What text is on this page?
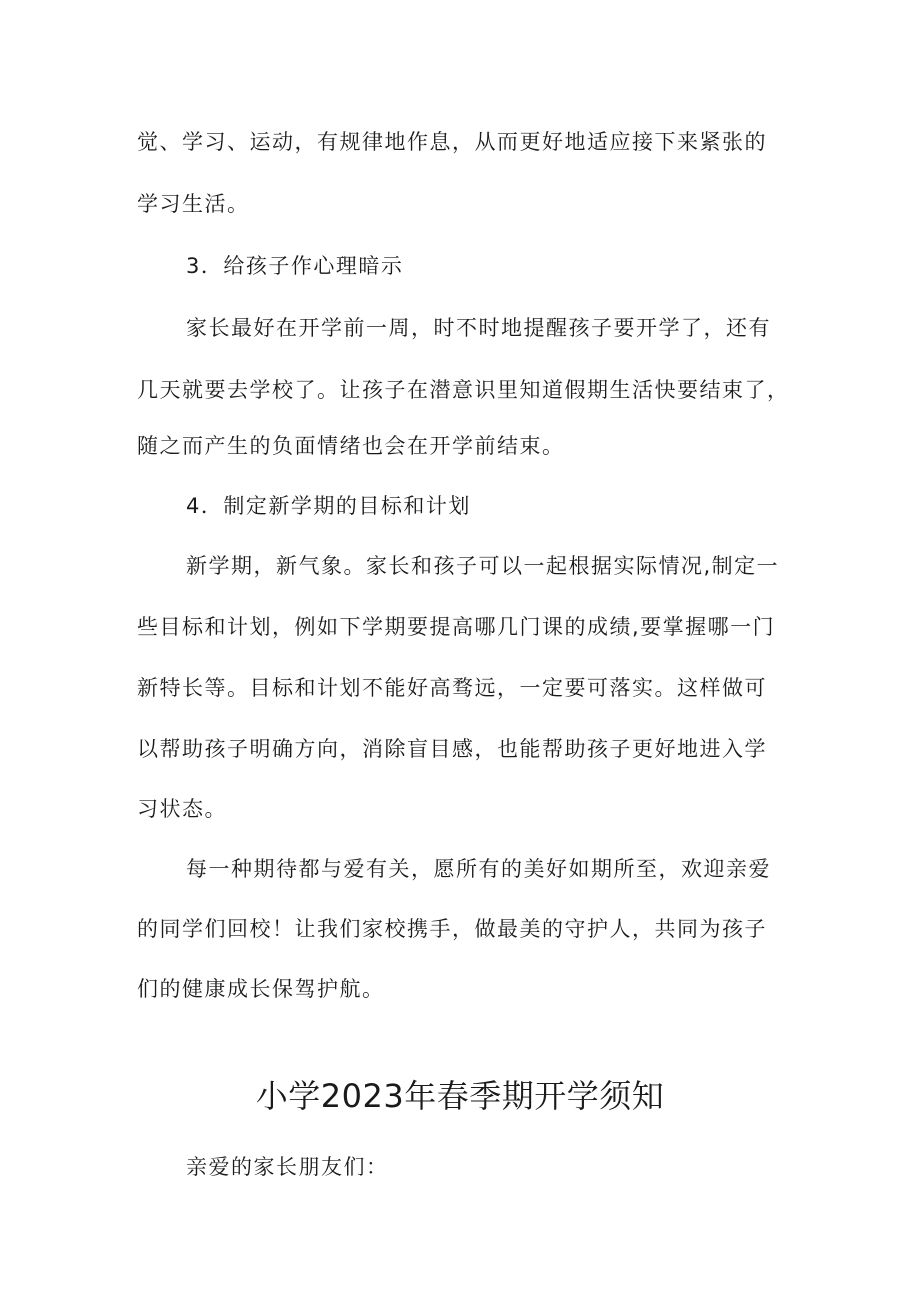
觉、学习、运动，有规律地作息，从而更好地适应接下来紧张的
学习生活。
3．给孩子作心理暗示
家长最好在开学前一周，时不时地提醒孩子要开学了，还有
几天就要去学校了。让孩子在潜意识里知道假期生活快要结束了，
随之而产生的负面情绪也会在开学前结束。
4．制定新学期的目标和计划
新学期，新气象。家长和孩子可以一起根据实际情况,制定一
些目标和计划，例如下学期要提高哪几门课的成绩,要掌握哪一门
新特长等。目标和计划不能好高骛远，一定要可落实。这样做可
以帮助孩子明确方向，消除盲目感，也能帮助孩子更好地进入学
习状态。
每一种期待都与爱有关，愿所有的美好如期所至，欢迎亲爱
的同学们回校！让我们家校携手，做最美的守护人，共同为孩子
们的健康成长保驾护航。
小学2023年春季期开学须知
亲爱的家长朋友们：
